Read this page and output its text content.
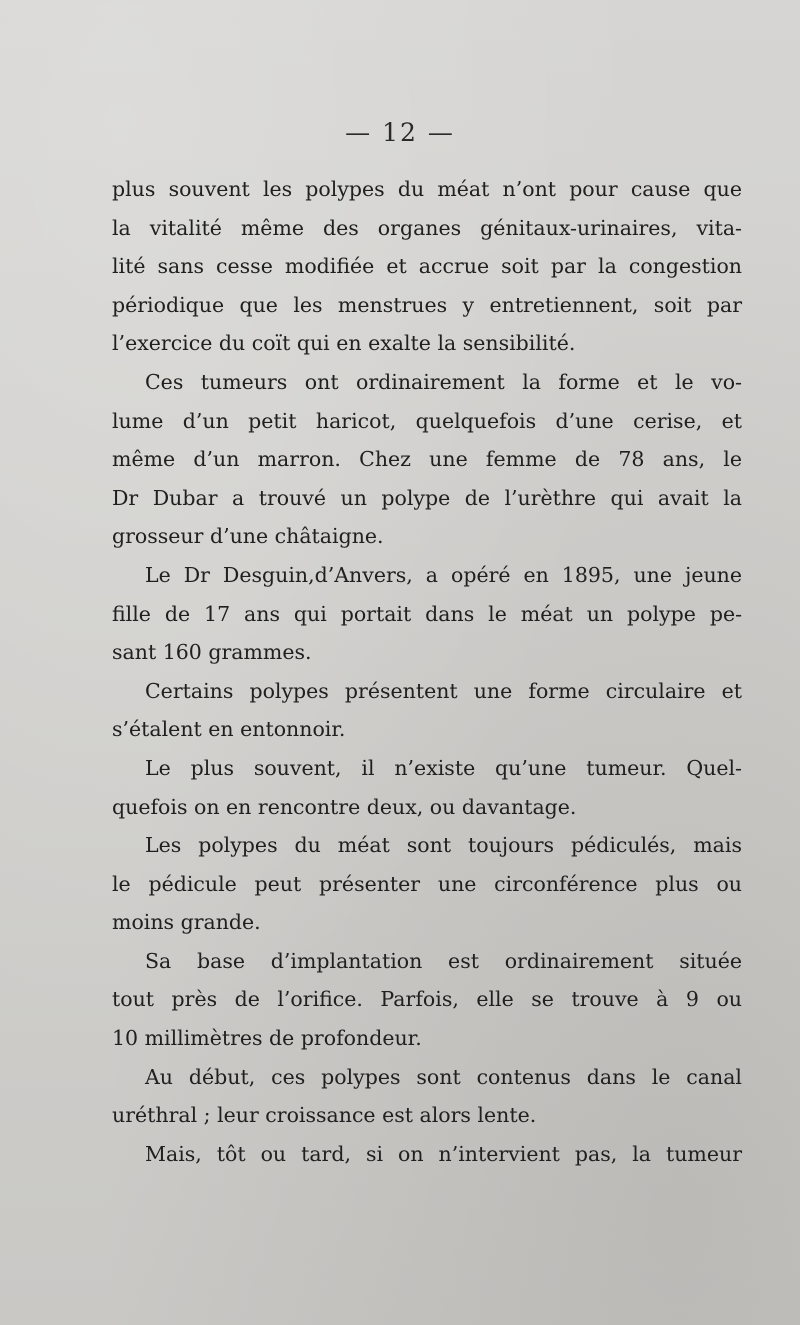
— 12 —
plus souvent les polypes du méat n’ont pour cause que
la vitalité même des organes génitaux-urinaires, vita-
lité sans cesse modifiée et accrue soit par la congestion
périodique que les menstrues y entretiennent, soit par
l’exercice du coït qui en exalte la sensibilité.
Ces tumeurs ont ordinairement la forme et le vo-
lume d’un petit haricot, quelquefois d’une cerise, et
même d’un marron. Chez une femme de 78 ans, le
Dr Dubar a trouvé un polype de l’urèthre qui avait la
grosseur d’une châtaigne.
Le Dr Desguin,d’Anvers, a opéré en 1895, une jeune
fille de 17 ans qui portait dans le méat un polype pe-
sant 160 grammes.
Certains polypes présentent une forme circulaire et
s’étalent en entonnoir.
Le plus souvent, il n’existe qu’une tumeur. Quel-
quefois on en rencontre deux, ou davantage.
Les polypes du méat sont toujours pédiculés, mais
le pédicule peut présenter une circonférence plus ou
moins grande.
Sa base d’implantation est ordinairement située
tout près de l’orifice. Parfois, elle se trouve à 9 ou
10 millimètres de profondeur.
Au début, ces polypes sont contenus dans le canal
uréthral ; leur croissance est alors lente.
Mais, tôt ou tard, si on n’intervient pas, la tumeur
